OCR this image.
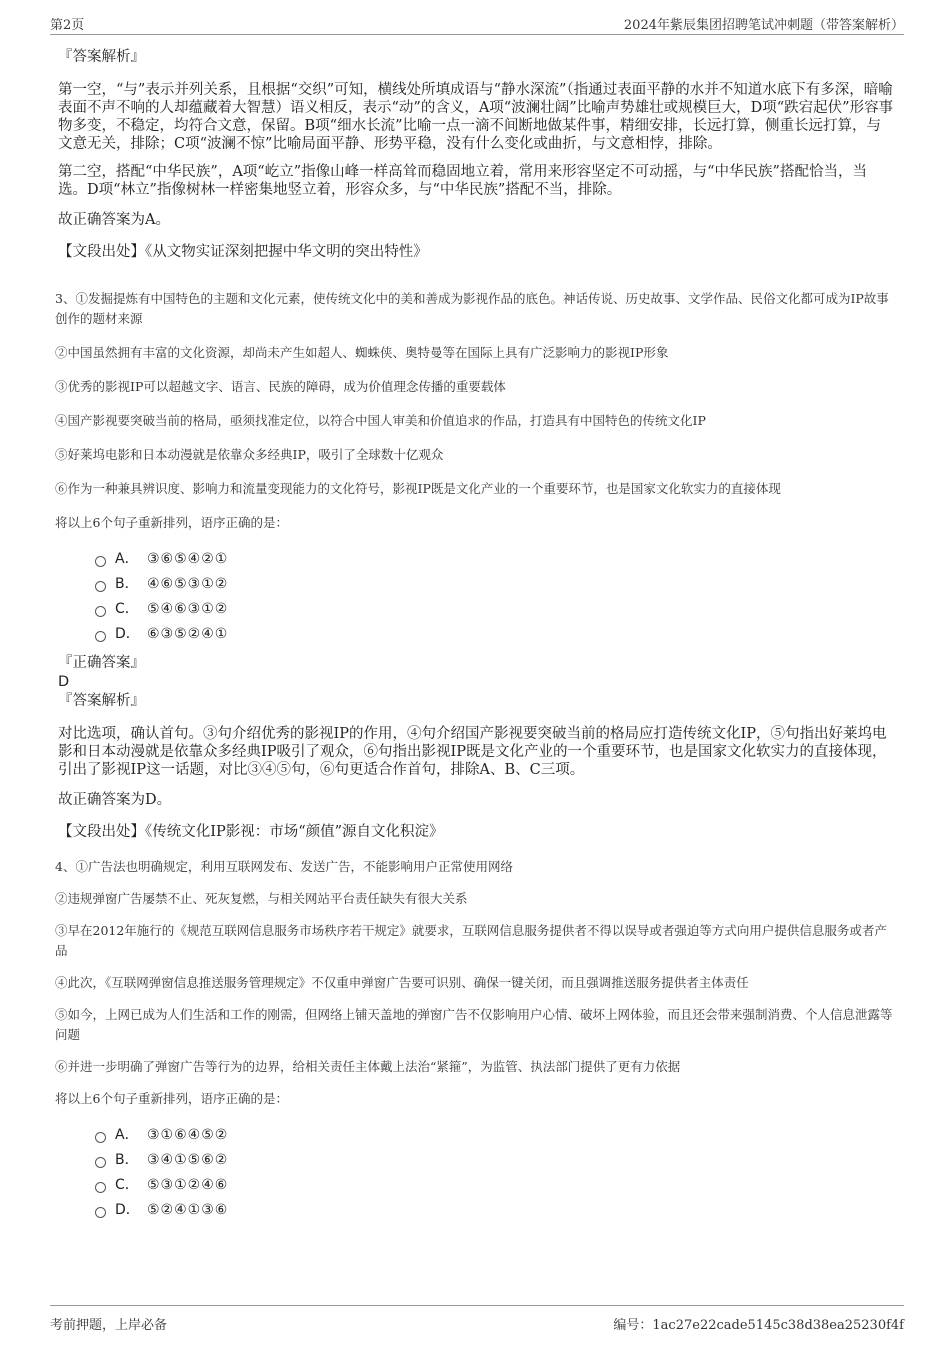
第2页	2024年紫辰集团招聘笔试冲刺题（带答案解析）
『答案解析』

第一空，“与”表示并列关系，且根据“交织”可知，横线处所填成语与“静水深流”（指通过表面平静的水并不知道水底下有多深，暗喻表面不声不响的人却蕴藏着大智慧）语义相反，表示“动”的含义，A项“波澜壮阔”比喻声势雄壮或规模巨大，D项“跌宕起伏”形容事物多变，不稳定，均符合文意，保留。B项“细水长流”比喻一点一滴不间断地做某件事，精细安排，长远打算，侧重长远打算，与文意无关，排除；C项“波澜不惊”比喻局面平静、形势平稳，没有什么变化或曲折，与文意相悖，排除。

第二空，搭配“中华民族”，A项“屹立”指像山峰一样高耸而稳固地立着，常用来形容坚定不可动摇，与“中华民族”搭配恰当，当选。D项“林立”指像树林一样密集地竖立着，形容众多，与“中华民族”搭配不当，排除。

故正确答案为A。

【文段出处】《从文物实证深刻把握中华文明的突出特性》

3、①发掘提炼有中国特色的主题和文化元素，使传统文化中的美和善成为影视作品的底色。神话传说、历史故事、文学作品、民俗文化都可成为IP故事创作的题材来源

②中国虽然拥有丰富的文化资源，却尚未产生如超人、蜘蛛侠、奥特曼等在国际上具有广泛影响力的影视IP形象

③优秀的影视IP可以超越文字、语言、民族的障碍，成为价值理念传播的重要载体

④国产影视要突破当前的格局，亟须找准定位，以符合中国人审美和价值追求的作品，打造具有中国特色的传统文化IP

⑤好莱坞电影和日本动漫就是依靠众多经典IP，吸引了全球数十亿观众

⑥作为一种兼具辨识度、影响力和流量变现能力的文化符号，影视IP既是文化产业的一个重要环节，也是国家文化软实力的直接体现

将以上6个句子重新排列，语序正确的是：

A． ③⑥⑤④②①
B． ④⑥⑤③①②
C． ⑤④⑥③①②
D． ⑥③⑤②④①
『正确答案』
D
『答案解析』

对比选项，确认首句。③句介绍优秀的影视IP的作用，④句介绍国产影视要突破当前的格局应打造传统文化IP，⑤句指出好莱坞电影和日本动漫就是依靠众多经典IP吸引了观众，⑥句指出影视IP既是文化产业的一个重要环节，也是国家文化软实力的直接体现，引出了影视IP这一话题，对比③④⑤句，⑥句更适合作首句，排除A、B、C三项。

故正确答案为D。

【文段出处】《传统文化IP影视：市场“颜值”源自文化积淀》

4、①广告法也明确规定，利用互联网发布、发送广告，不能影响用户正常使用网络

②违规弹窗广告屡禁不止、死灰复燃，与相关网站平台责任缺失有很大关系

③早在2012年施行的《规范互联网信息服务市场秩序若干规定》就要求，互联网信息服务提供者不得以误导或者强迫等方式向用户提供信息服务或者产品

④此次，《互联网弹窗信息推送服务管理规定》不仅重申弹窗广告要可识别、确保一键关闭，而且强调推送服务提供者主体责任

⑤如今，上网已成为人们生活和工作的刚需，但网络上铺天盖地的弹窗广告不仅影响用户心情、破坏上网体验，而且还会带来强制消费、个人信息泄露等问题

⑥并进一步明确了弹窗广告等行为的边界，给相关责任主体戴上法治“紧箍”，为监管、执法部门提供了更有力依据

将以上6个句子重新排列，语序正确的是：

A． ③①⑥④⑤②
B． ③④①⑤⑥②
C． ⑤③①②④⑥
D． ⑤②④①③⑥
考前押题，上岸必备	编号：1ac27e22cade5145c38d38ea25230f4f
